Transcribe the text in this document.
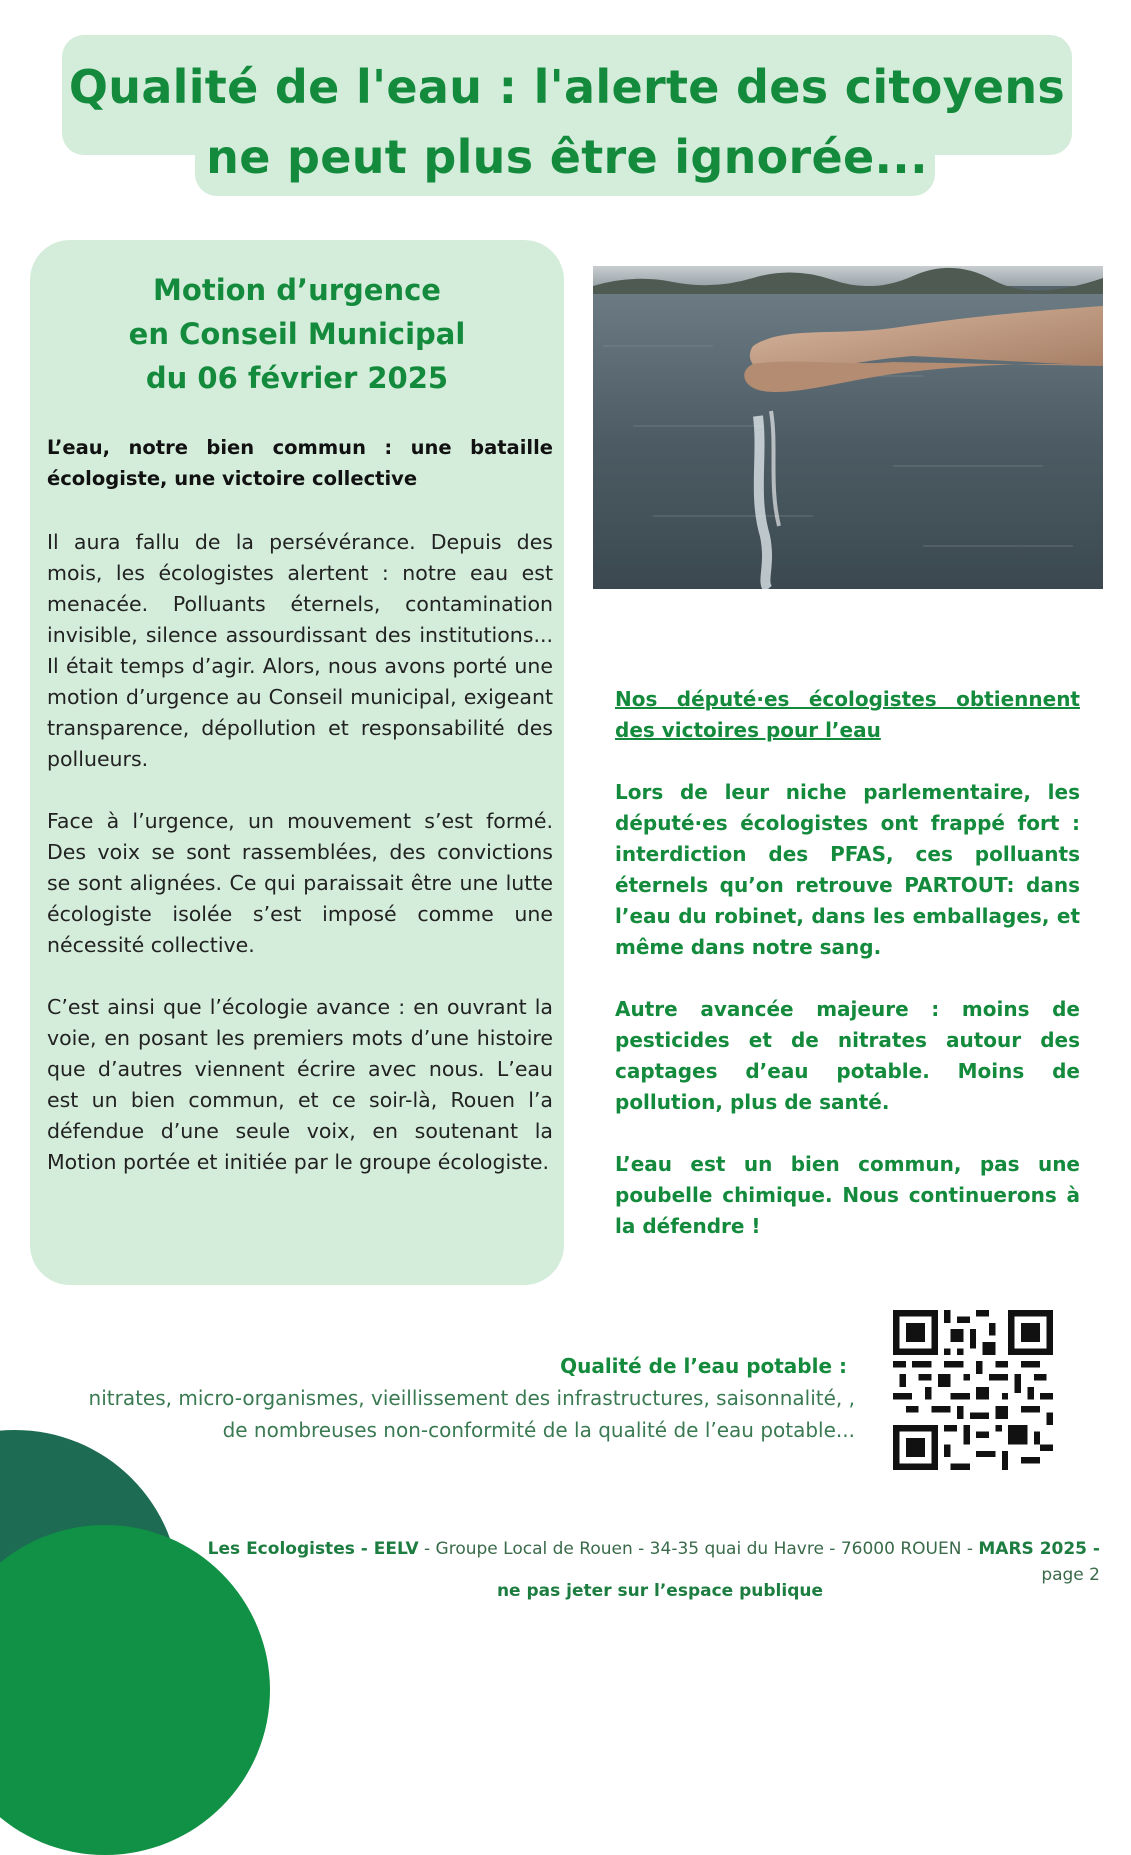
Qualité de l'eau : l'alerte des citoyens
ne peut plus être ignorée...
Motion d’urgence
en Conseil Municipal
du 06 février 2025

L’eau, notre bien commun : une bataille écologiste, une victoire collective

Il aura fallu de la persévérance. Depuis des mois, les écologistes alertent : notre eau est menacée. Polluants éternels, contamination invisible, silence assourdissant des institutions... Il était temps d’agir. Alors, nous avons porté une motion d’urgence au Conseil municipal, exigeant transparence, dépollution et responsabilité des pollueurs.

Face à l’urgence, un mouvement s’est formé. Des voix se sont rassemblées, des convictions se sont alignées. Ce qui paraissait être une lutte écologiste isolée s’est imposé comme une nécessité collective.

C’est ainsi que l’écologie avance : en ouvrant la voie, en posant les premiers mots d’une histoire que d’autres viennent écrire avec nous. L’eau est un bien commun, et ce soir-là, Rouen l’a défendue d’une seule voix, en soutenant la Motion portée et initiée par le groupe écologiste.

Nos député·es écologistes obtiennent des victoires pour l’eau

Lors de leur niche parlementaire, les député·es écologistes ont frappé fort : interdiction des PFAS, ces polluants éternels qu’on retrouve PARTOUT: dans l’eau du robinet, dans les emballages, et même dans notre sang.

Autre avancée majeure : moins de pesticides et de nitrates autour des captages d’eau potable. Moins de pollution, plus de santé.

L’eau est un bien commun, pas une poubelle chimique. Nous continuerons à la défendre !

Qualité de l’eau potable :
nitrates, micro-organismes, vieillissement des infrastructures, saisonnalité, ,
de nombreuses non-conformité de la qualité de l’eau potable...
Les Ecologistes - EELV - Groupe Local de Rouen - 34-35 quai du Havre - 76000 ROUEN - MARS 2025 - page 2
ne pas jeter sur l’espace publique
